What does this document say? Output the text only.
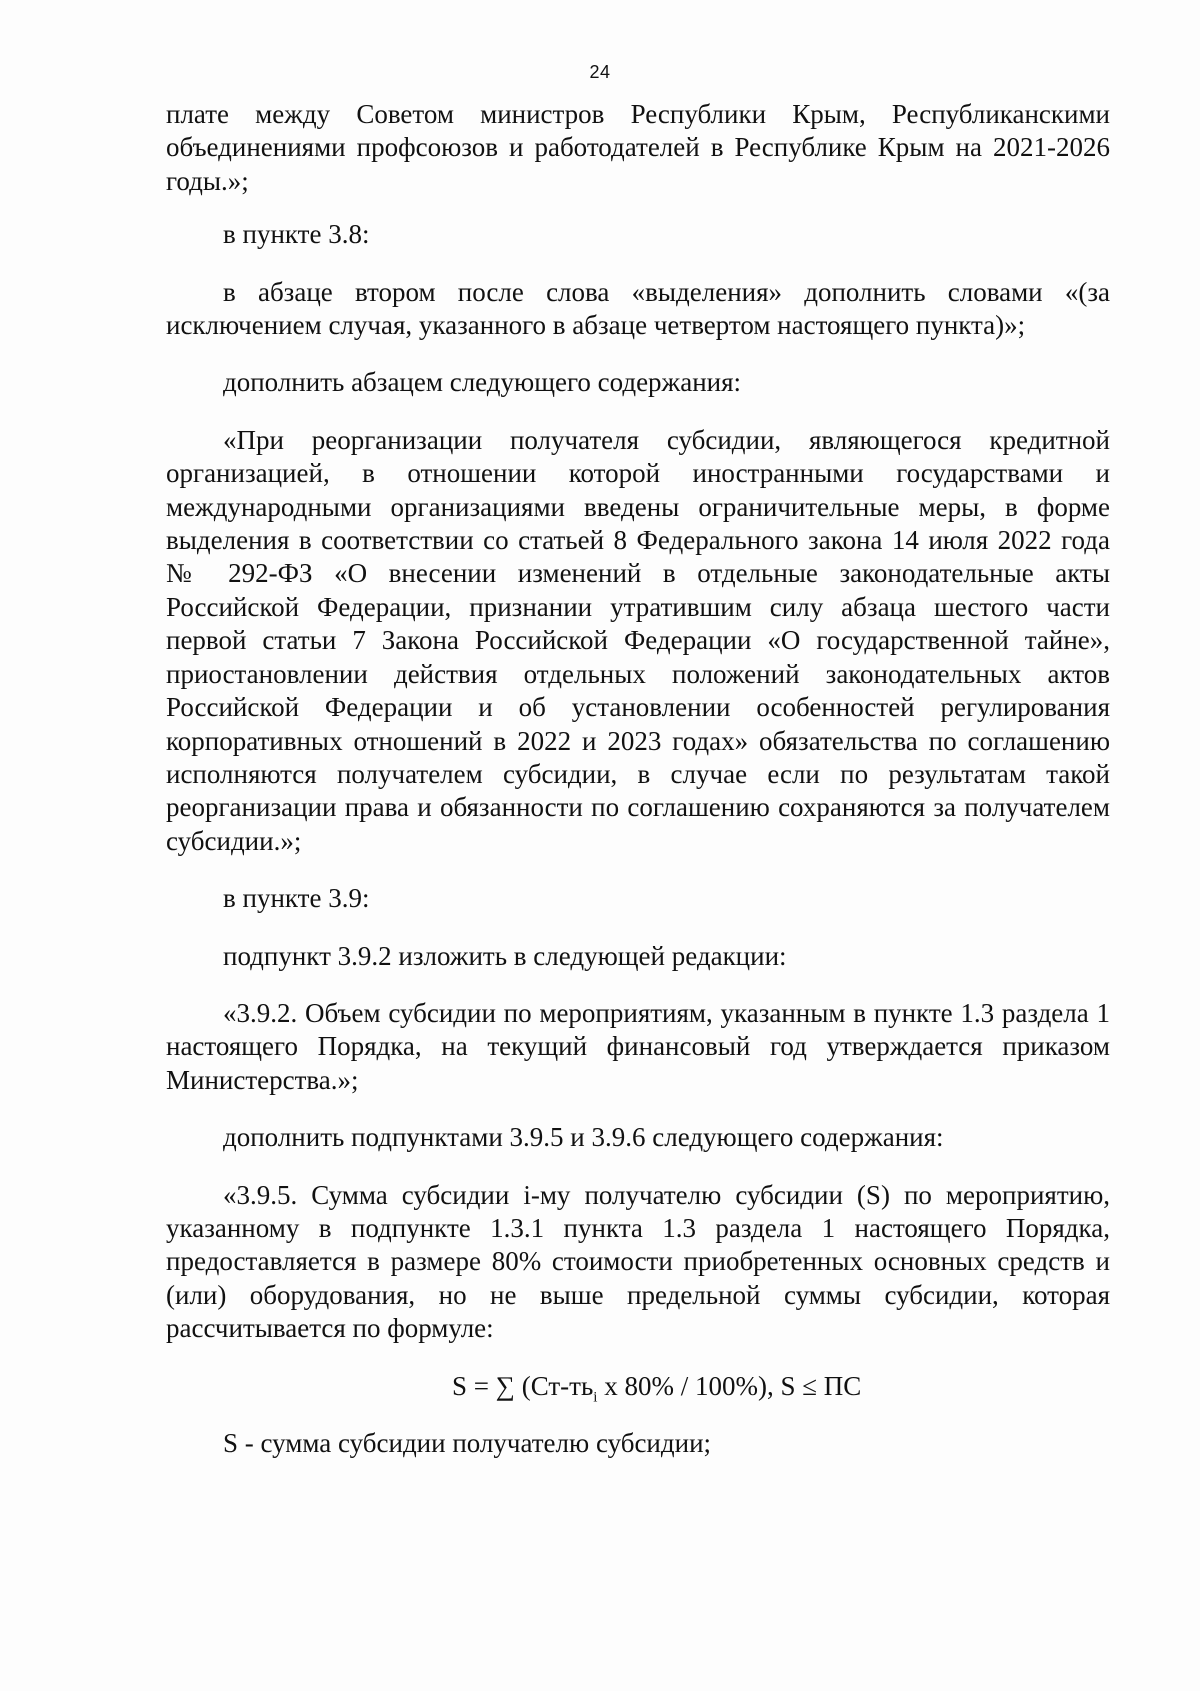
24

плате между Советом министров Республики Крым, Республиканскими объединениями профсоюзов и работодателей в Республике Крым на 2021-2026 годы.»;

в пункте 3.8:

в абзаце втором после слова «выделения» дополнить словами «(за исключением случая, указанного в абзаце четвертом настоящего пункта)»;

дополнить абзацем следующего содержания:

«При реорганизации получателя субсидии, являющегося кредитной организацией, в отношении которой иностранными государствами и международными организациями введены ограничительные меры, в форме выделения в соответствии со статьей 8 Федерального закона 14 июля 2022 года № 292-ФЗ «О внесении изменений в отдельные законодательные акты Российской Федерации, признании утратившим силу абзаца шестого части первой статьи 7 Закона Российской Федерации «О государственной тайне», приостановлении действия отдельных положений законодательных актов Российской Федерации и об установлении особенностей регулирования корпоративных отношений в 2022 и 2023 годах» обязательства по соглашению исполняются получателем субсидии, в случае если по результатам такой реорганизации права и обязанности по соглашению сохраняются за получателем субсидии.»;

в пункте 3.9:

подпункт 3.9.2 изложить в следующей редакции:

«3.9.2. Объем субсидии по мероприятиям, указанным в пункте 1.3 раздела 1 настоящего Порядка, на текущий финансовый год утверждается приказом Министерства.»;

дополнить подпунктами 3.9.5 и 3.9.6 следующего содержания:

«3.9.5. Сумма субсидии i-му получателю субсидии (S) по мероприятию, указанному в подпункте 1.3.1 пункта 1.3 раздела 1 настоящего Порядка, предоставляется в размере 80% стоимости приобретенных основных средств и (или) оборудования, но не выше предельной суммы субсидии, которая рассчитывается по формуле:

S = ∑ ($Ст-ть_i$ х 80% / 100%), S ≤ ПС

S - сумма субсидии получателю субсидии;
